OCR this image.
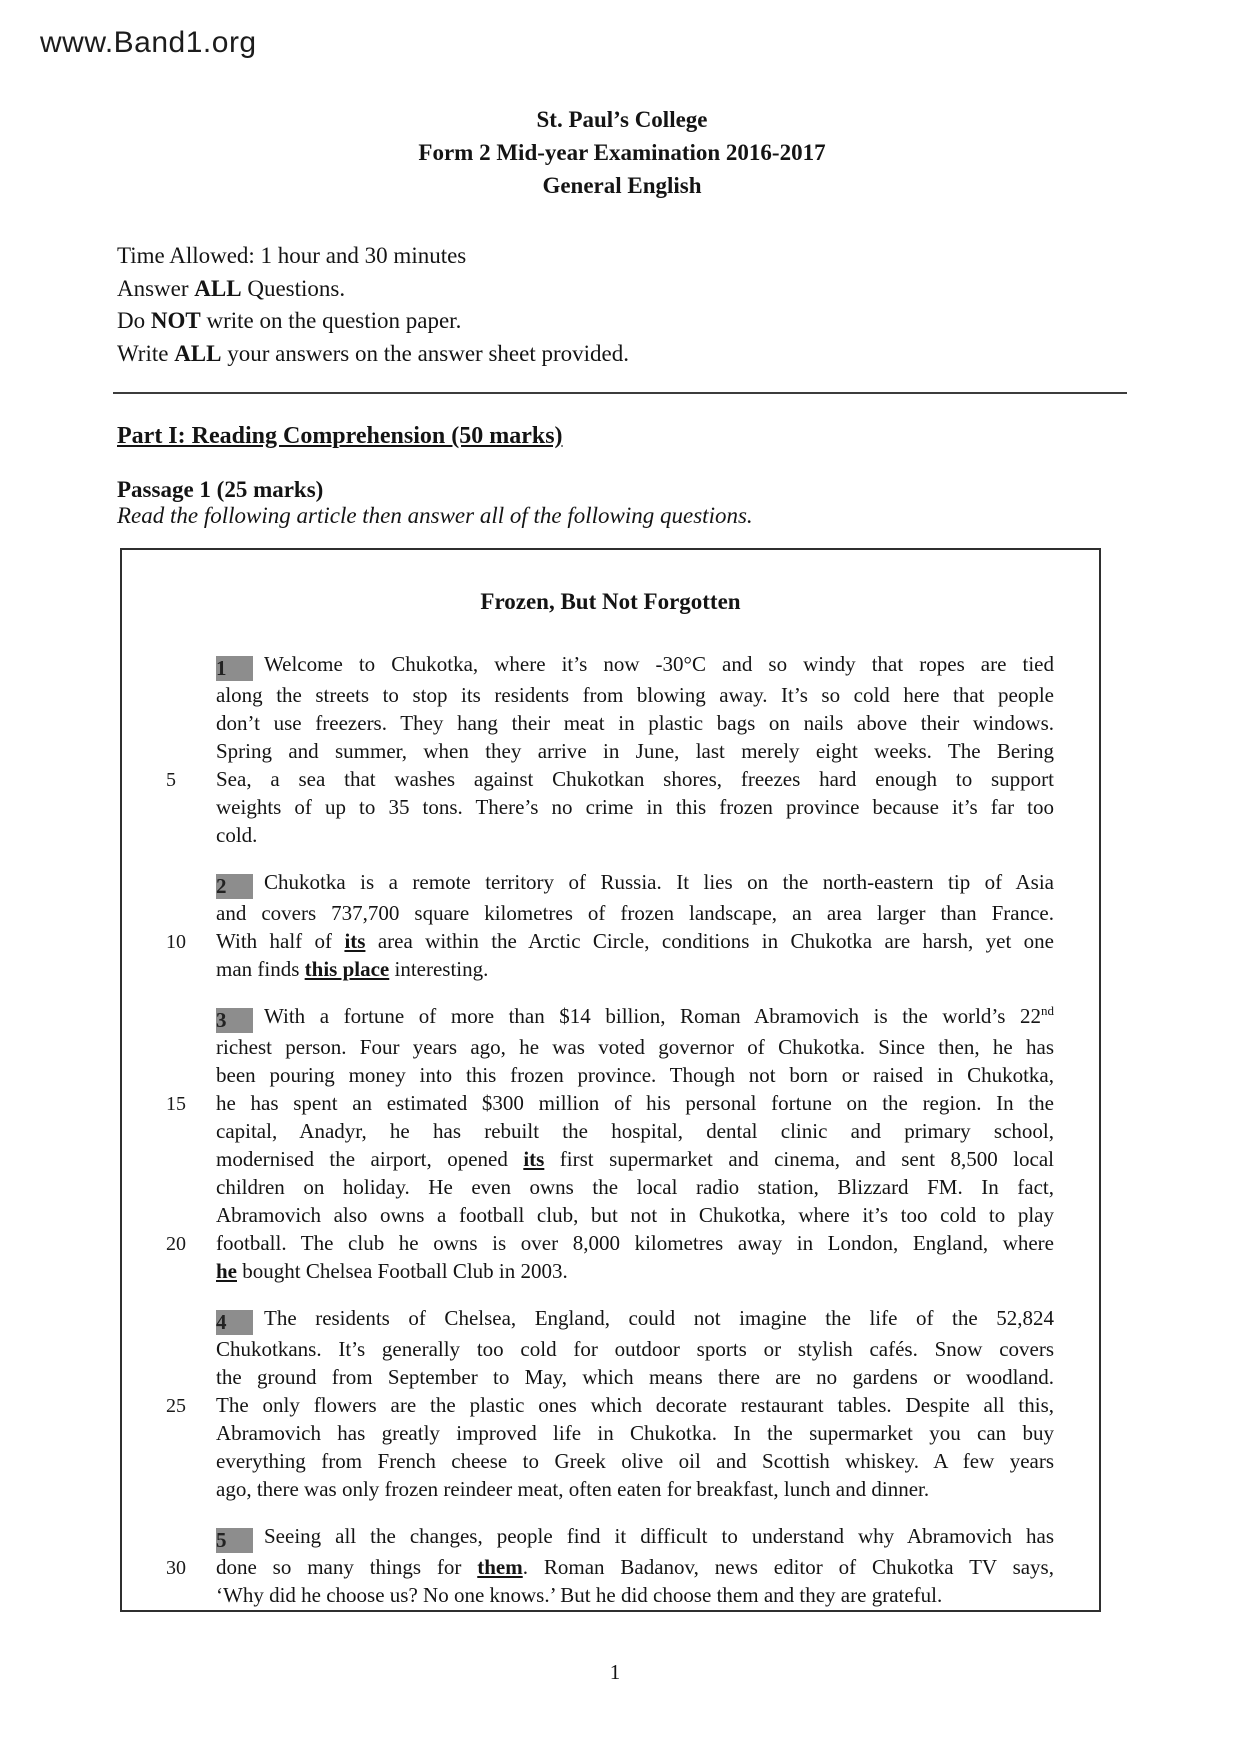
www.Band1.org
St. Paul’s College
Form 2 Mid-year Examination 2016-2017
General English
Time Allowed: 1 hour and 30 minutes
Answer ALL Questions.
Do NOT write on the question paper.
Write ALL your answers on the answer sheet provided.
Part I: Reading Comprehension (50 marks)
Passage 1 (25 marks)
Read the following article then answer all of the following questions.
Frozen, But Not Forgotten
1 Welcome to Chukotka, where it’s now -30°C and so windy that ropes are tied
along the streets to stop its residents from blowing away. It’s so cold here that people
don’t use freezers. They hang their meat in plastic bags on nails above their windows.
Spring and summer, when they arrive in June, last merely eight weeks. The Bering
Sea, a sea that washes against Chukotkan shores, freezes hard enough to support
5
weights of up to 35 tons. There’s no crime in this frozen province because it’s far too
cold.
2 Chukotka is a remote territory of Russia. It lies on the north-eastern tip of Asia
and covers 737,700 square kilometres of frozen landscape, an area larger than France.
With half of its area within the Arctic Circle, conditions in Chukotka are harsh, yet one
10
man finds this place interesting.
3 With a fortune of more than $14 billion, Roman Abramovich is the world’s 22nd
richest person. Four years ago, he was voted governor of Chukotka. Since then, he has
been pouring money into this frozen province. Though not born or raised in Chukotka,
he has spent an estimated $300 million of his personal fortune on the region. In the
15
capital, Anadyr, he has rebuilt the hospital, dental clinic and primary school,
modernised the airport, opened its first supermarket and cinema, and sent 8,500 local
children on holiday. He even owns the local radio station, Blizzard FM. In fact,
Abramovich also owns a football club, but not in Chukotka, where it’s too cold to play
football. The club he owns is over 8,000 kilometres away in London, England, where
20
he bought Chelsea Football Club in 2003.
4 The residents of Chelsea, England, could not imagine the life of the 52,824
Chukotkans. It’s generally too cold for outdoor sports or stylish cafés. Snow covers
the ground from September to May, which means there are no gardens or woodland.
The only flowers are the plastic ones which decorate restaurant tables. Despite all this,
25
Abramovich has greatly improved life in Chukotka. In the supermarket you can buy
everything from French cheese to Greek olive oil and Scottish whiskey. A few years
ago, there was only frozen reindeer meat, often eaten for breakfast, lunch and dinner.
5 Seeing all the changes, people find it difficult to understand why Abramovich has
done so many things for them. Roman Badanov, news editor of Chukotka TV says,
30
‘Why did he choose us? No one knows.’ But he did choose them and they are grateful.
1
